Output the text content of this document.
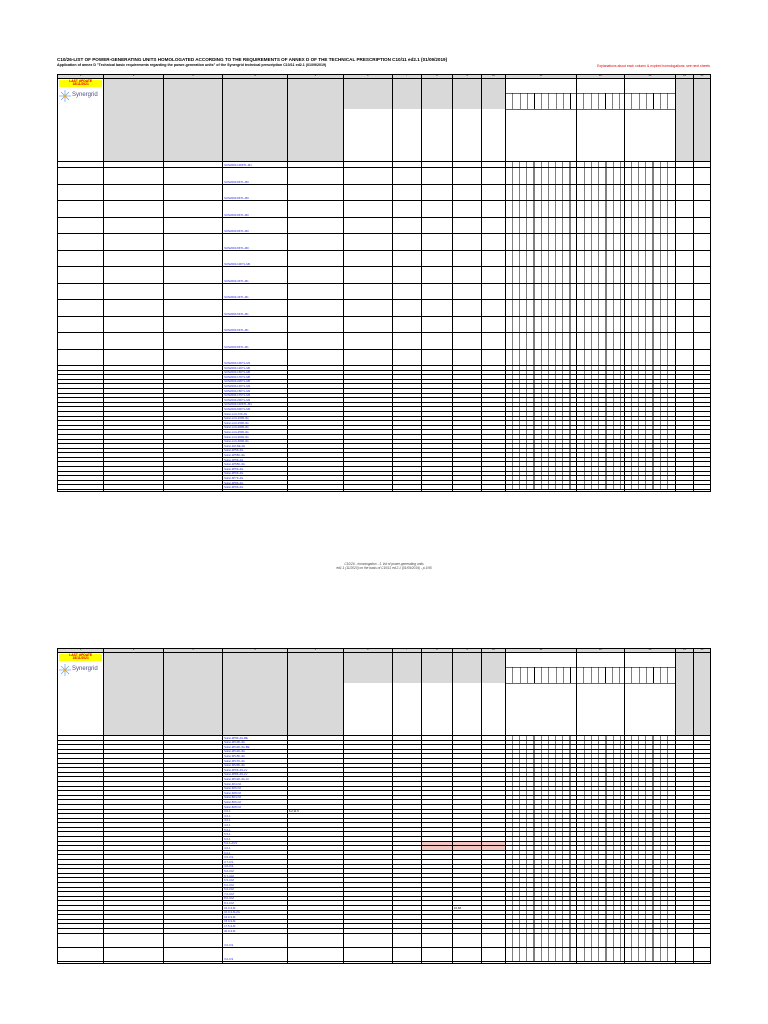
C10/26-LIST OF POWER-GENERATING UNITS HOMOLOGATED ACCORDING TO THE REQUIREMENTS OF ANNEX D OF THE TECHNICAL PRESCRIPTION C10/11 ed2.1 (01/09/2019)
Application of annex D "Technical basic requirements regarding the power-generation units" of the Synergrid technical prescription C10/11 ed2.1 (01/09/2019)	Explanations about each column & expired homologations: see next sheets
1	2	3	4	5	6	7	8	9	10	11	12	13	14	15

LAST UPDATE
18/11/2021
Synergrid														

			SUN2000-100KTL-M1											
			SUN2000-8KTL-M0											
			SUN2000-8KTL-M0											
			SUN2000-8KTL-M0											
			SUN2000-8KTL-M0											
			SUN2000-8KTL-M0											
			SUN2000-10KTL-M0											
			SUN2000-3KTL-M1											
			SUN2000-4KTL-M1											
			SUN2000-5KTL-M1											
			SUN2000-6KTL-M1											
			SUN2000-8KTL-M1											
			SUN2000-10KTL-M1											
			SUN2000-12KTL-M0											
			SUN2000-15KTL-M0											
			SUN2000-17KTL-M0											
			SUN2000-20KTL-M0											
			SUN2000-12KTL-M2											
			SUN2000-15KTL-M2											
			SUN2000-17KTL-M2											
			SUN2000-20KTL-M2											
			SUN2000-100KTL-M1											
			SUN2000-60KTL-M0											
			Sofar-mini-700-4G											
			Sofar-mini-1000-4G											
			Sofar-mini-1500-4G											
			Sofar-mini-2000-4G											
			Sofar-mini-2500-4G											
			Sofar-mini-3000-4G											
			Sofar-mini-3000-4G											
			Sofar-1K1SE-4G											
			Sofar-1P5K-4G											
			Sofar-1P55K-4G											
			Sofar-1P5K-4G											
			Sofar-1P55K-4G											
			Sofar-3P5K-4G											
			Sofar-3P6K-4G											
			Sofar-3P7K-4G											
			Sofar-3P8K-4G											
			Sofar-3P9K-4G											

C10/26 - homologation - 1. list of power-generating units
ed1.1 (11/2020) on the basis of C10/11 ed.2.1 (01/09/2019) - p.1/95
1	2	3	4	5	6	7	8	9	10	11	12	13	14	15

LAST UPDATE
18/11/2021
Synergrid														

			Sofar-3P8K-4G-BE											
			Sofar-3P10K-4G											
			Sofar-3P10K-4G-BE											
			Sofar-3P12K-4G											
			Sofar-3P15K-4G											
			Sofar-3P17K-4G											
			Sofar-3P20K-4G											
			Sofar-3P6K-4G-LV											
			Sofar-3P8K-4G-LV											
			Sofar-3P10K-4G-LV											
			Sofar-3K4-NJ											
			Sofar-3K6-NJ											
			Sofar-3K8-NJ											
			Sofar-5K4-NJ											
			Sofar-5K6-NJ											
			Sofar-6K8-NJ											
			3.0-1	6.2.11.5										
			3.6-1											
			4.0-1											
			4.6-1											
			5.0-1											
			5.5-1											
			6.0-1											
			5.0-1-AUS											
			4.0-1											
			6.0-1											
			3.0-3-S											
			3.7-3-S											
			4.0-3-S											
			5.0-3-M											
			5.7-3-M											
			6.5-3-M											
			5.0-3-M											
			6.0-3-M											
			7.0-3-M											
			8.0-3-M											
			8.2-3-M											
			10.0-3-M					16,66						
			10.0-3-M-2G											
			12.0-3-M											
			15.0-3-M											
			17.5-3-M											
			20.0-3-M											
			3.0-3-S											
			3.0-3-S											
